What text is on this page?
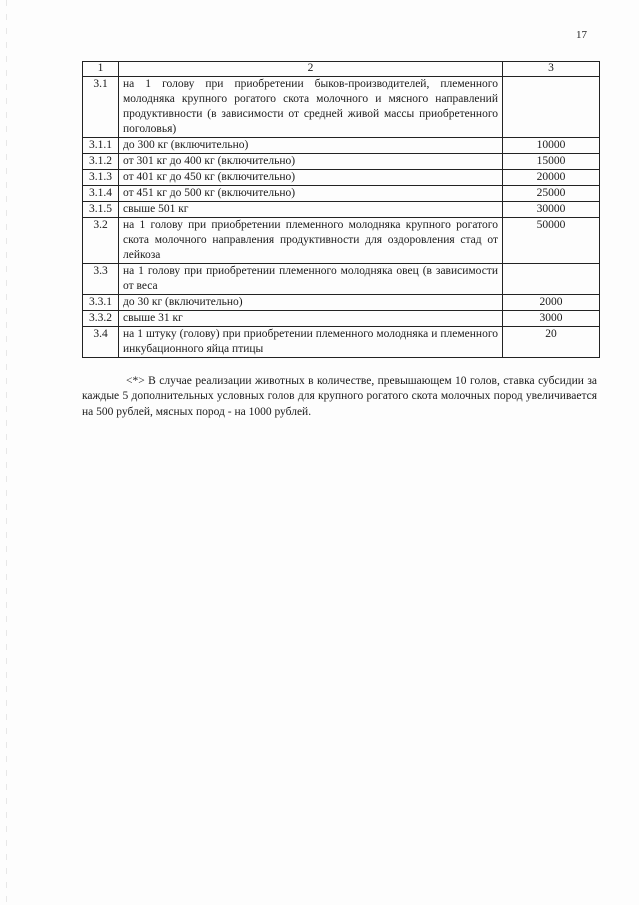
17
1	2	3
3.1	на 1 голову при приобретении быков-производителей, племенного молодняка крупного рогатого скота молочного и мясного направлений продуктивности (в зависимости от средней живой массы приобретенного поголовья)	
3.1.1	до 300 кг (включительно)	10000
3.1.2	от 301 кг до 400 кг (включительно)	15000
3.1.3	от 401 кг до 450 кг (включительно)	20000
3.1.4	от 451 кг до 500 кг (включительно)	25000
3.1.5	свыше 501 кг	30000
3.2	на 1 голову при приобретении племенного молодняка крупного рогатого скота молочного направления продуктивности для оздоровления стад от лейкоза	50000
3.3	на 1 голову при приобретении племенного молодняка овец (в зависимости от веса	
3.3.1	до 30 кг (включительно)	2000
3.3.2	свыше 31 кг	3000
3.4	на 1 штуку (голову) при приобретении племенного молодняка и племенного инкубационного яйца птицы	20

<*> В случае реализации животных в количестве, превышающем 10 голов, ставка субсидии за каждые 5 дополнительных условных голов для крупного рогатого скота молочных пород увеличивается на 500 рублей, мясных пород - на 1000 рублей.
